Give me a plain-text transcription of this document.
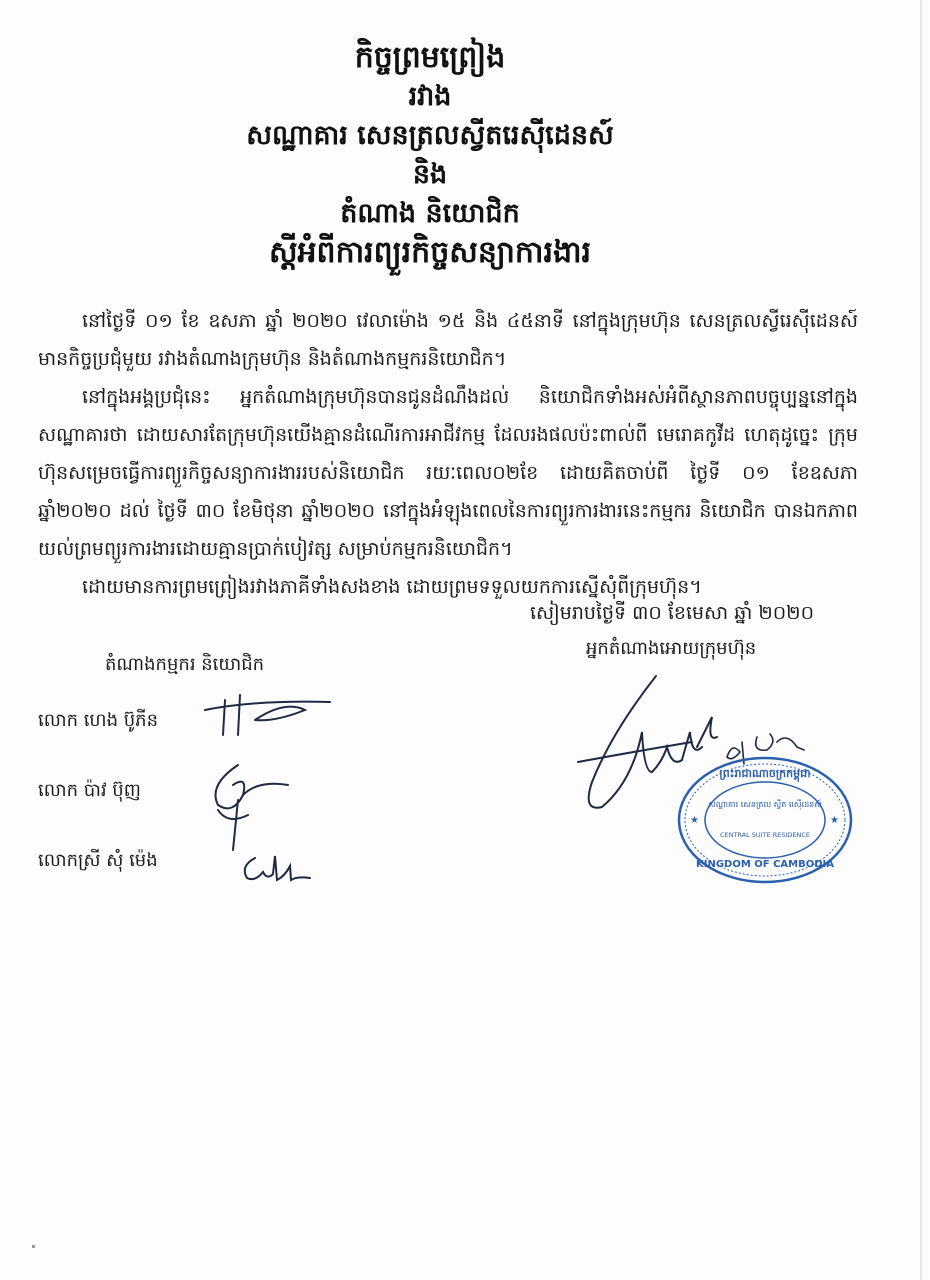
កិច្ចព្រមព្រៀង
រវាង
សណ្ឋាគារ សេនត្រលស្វីតរេស៊ីដេនស៍
និង
តំណាង និយោជិក
ស្តីអំពីការព្យួរកិច្ចសន្យាការងារ

នៅថ្ងៃទី ០១ ខែ ឧសភា ឆ្នាំ ២០២០ វេលាម៉ោង ១៥ និង ៤៥នាទី នៅក្នុងក្រុមហ៊ុន សេនត្រលស្វីរេស៊ីដេនស៍ មានកិច្ចប្រជុំមួយ រវាងតំណាងក្រុមហ៊ុន និងតំណាងកម្មករនិយោជិក។

នៅក្នុងអង្គប្រជុំនេះ អ្នកតំណាងក្រុមហ៊ុនបានជូនដំណឹងដល់ និយោជិកទាំងអស់អំពីស្ថានភាពបច្ចុប្បន្ននៅក្នុងសណ្ឋាគារថា ដោយសារតែក្រុមហ៊ុនយើងគ្មានដំណើរការអាជីវកម្ម ដែលរងផលប៉ះពាល់ពី មេរោគកូវីដ ហេតុដូច្នេះ ក្រុមហ៊ុនសម្រេចធ្វើការព្យួរកិច្ចសន្យាការងាររបស់និយោជិក រយៈពេល០២ខែ ដោយគិតចាប់ពី ថ្ងៃទី ០១ ខែឧសភា ឆ្នាំ២០២០ ដល់ ថ្ងៃទី ៣០ ខែមិថុនា ឆ្នាំ២០២០ នៅក្នុងអំឡុងពេលនៃការព្យួរការងារនេះកម្មករ និយោជិក បានឯកភាពយល់ព្រមព្យួរការងារដោយគ្មានប្រាក់បៀវត្ស សម្រាប់កម្មករនិយោជិក។

ដោយមានការព្រមព្រៀងរវាងភាគីទាំងសងខាង ដោយព្រមទទួលយកការស្នើសុំពីក្រុមហ៊ុន។

សៀមរាបថ្ងៃទី ៣០ ខែមេសា ឆ្នាំ ២០២០
អ្នកតំណាងអោយក្រុមហ៊ុន
តំណាងកម្មករ និយោជិក
លោក ហេង ប៊ូភីន
លោក ប៉ាវ ប៊ុញ
លោកស្រី សុំ ម៉េង
ព្រះរាជាណាចក្រកម្ពុជា
សណ្ឋាគារ សេនត្រល ស្វីត រេស៊ីដេនស៍
CENTRAL SUITE RESIDENCE
KINGDOM OF CAMBODIA
★	★
